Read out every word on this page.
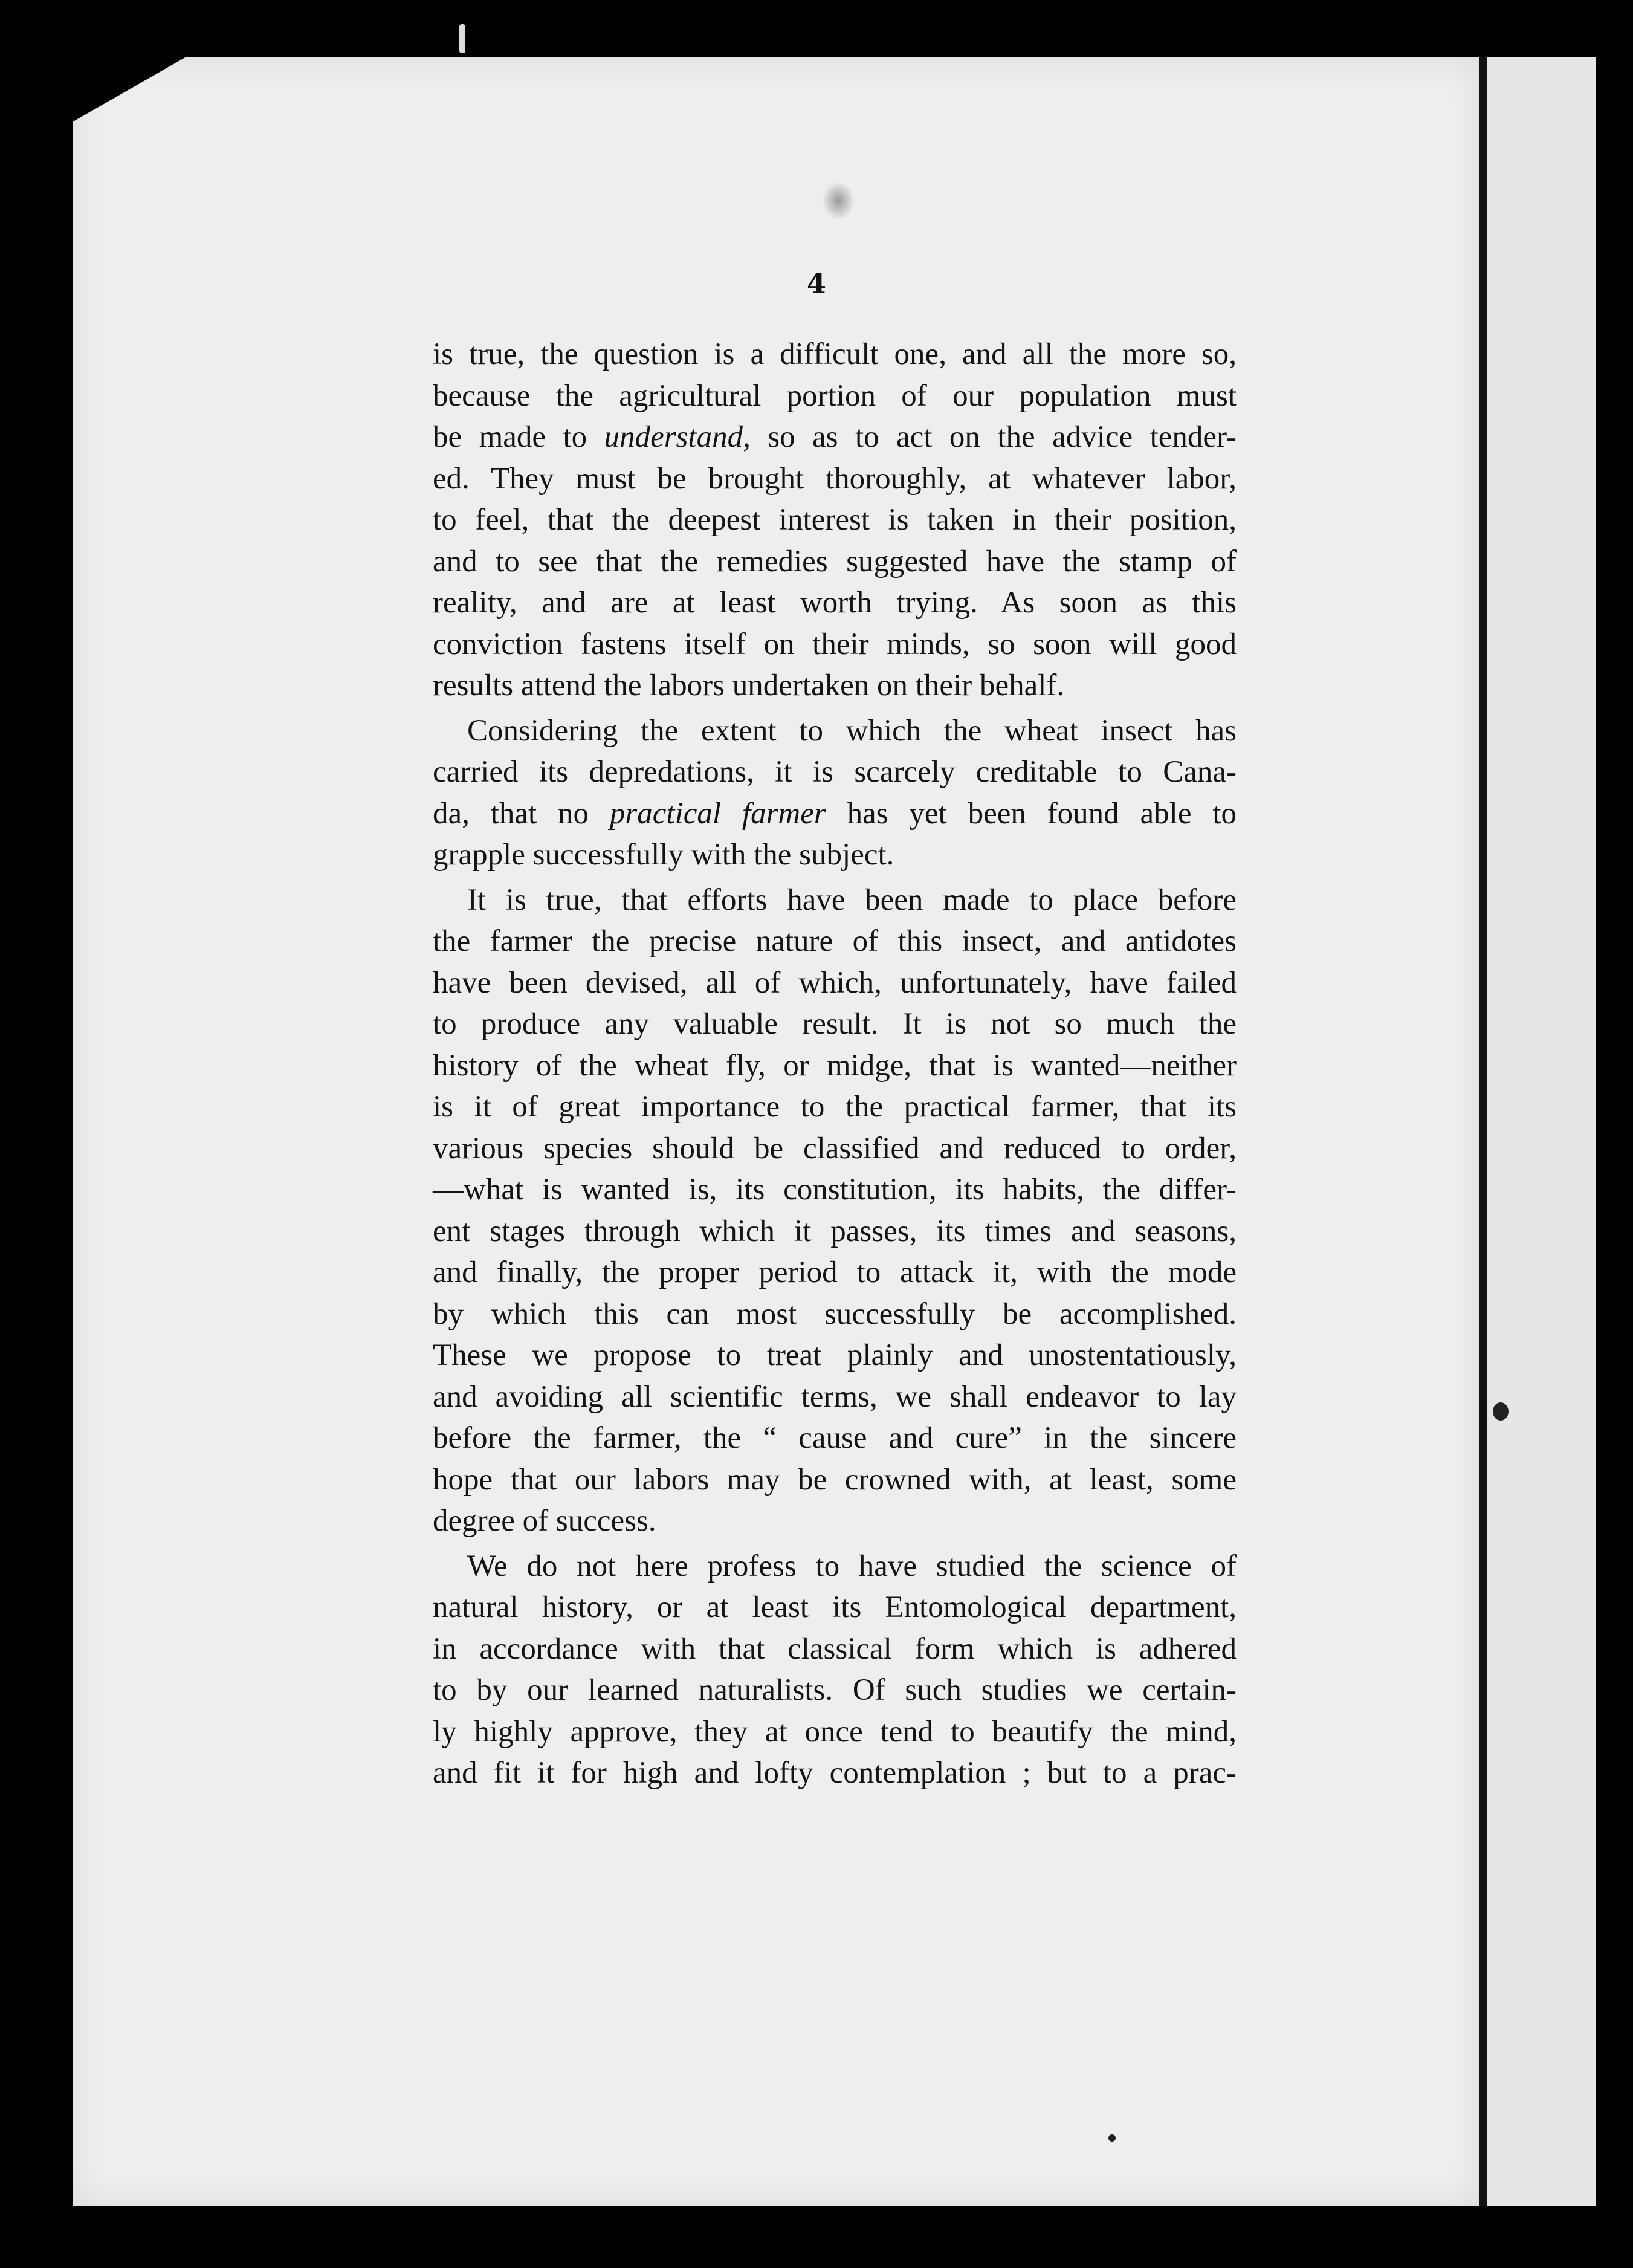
4

is true, the question is a difficult one, and all the more so,

because the agricultural portion of our population must

be made to understand, so as to act on the advice tender-

ed. They must be brought thoroughly, at whatever labor,

to feel, that the deepest interest is taken in their position,

and to see that the remedies suggested have the stamp of

reality, and are at least worth trying. As soon as this

conviction fastens itself on their minds, so soon will good

results attend the labors undertaken on their behalf.

Considering the extent to which the wheat insect has

carried its depredations, it is scarcely creditable to Cana-

da, that no practical farmer has yet been found able to

grapple successfully with the subject.

It is true, that efforts have been made to place before

the farmer the precise nature of this insect, and antidotes

have been devised, all of which, unfortunately, have failed

to produce any valuable result. It is not so much the

history of the wheat fly, or midge, that is wanted—neither

is it of great importance to the practical farmer, that its

various species should be classified and reduced to order,

—what is wanted is, its constitution, its habits, the differ-

ent stages through which it passes, its times and seasons,

and finally, the proper period to attack it, with the mode

by which this can most successfully be accomplished.

These we propose to treat plainly and unostentatiously,

and avoiding all scientific terms, we shall endeavor to lay

before the farmer, the “ cause and cure” in the sincere

hope that our labors may be crowned with, at least, some

degree of success.

We do not here profess to have studied the science of

natural history, or at least its Entomological department,

in accordance with that classical form which is adhered

to by our learned naturalists. Of such studies we certain-

ly highly approve, they at once tend to beautify the mind,

and fit it for high and lofty contemplation ; but to a prac-
